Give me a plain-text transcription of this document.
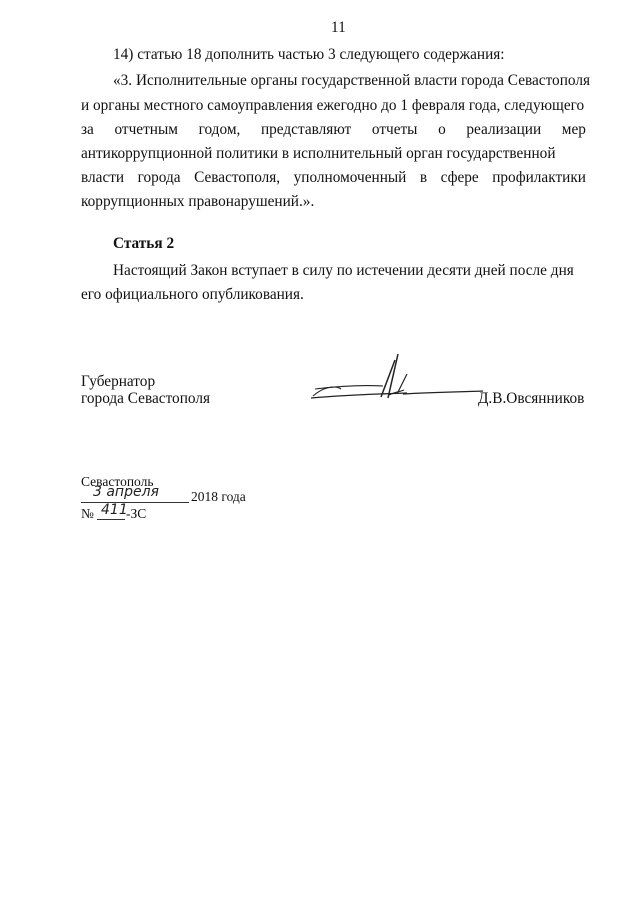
11
14) статью 18 дополнить частью 3 следующего содержания:
«3. Исполнительные органы государственной власти города Севастополя
и органы местного самоуправления ежегодно до 1 февраля года, следующего
за отчетным годом, представляют отчеты о реализации мер
антикоррупционной политики в исполнительный орган государственной
власти города Севастополя, уполномоченный в сфере профилактики
коррупционных правонарушений.».
Статья 2
Настоящий Закон вступает в силу по истечении десяти дней после дня
его официального опубликования.
Губернатор
города Севастополя	Д.В.Овсянников
Севастополь
3 апреля 2018 года
№ 411
-ЗС
